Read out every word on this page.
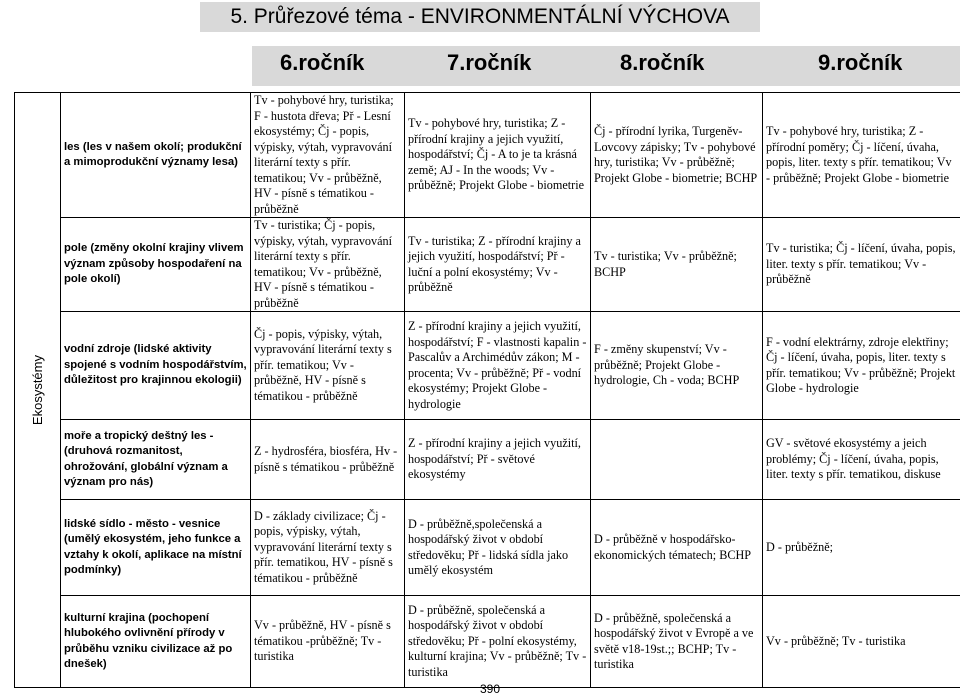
5. Průřezové téma - ENVIRONMENTÁLNÍ VÝCHOVA
6.ročník	7.ročník	8.ročník	9.ročník
Ekosystémy	les (les v našem okolí; produkční a mimoprodukční významy lesa)	Tv - pohybové hry, turistika; F - hustota dřeva; Př - Lesní ekosystémy; Čj - popis, výpisky, výtah, vypravování literární texty s přír. tematikou; Vv - průběžně, HV - písně s tématikou - průběžně	Tv - pohybové hry, turistika; Z - přírodní krajiny a jejich využití, hospodářství; Čj - A to je ta krásná země; AJ - In the woods; Vv - průběžně; Projekt Globe - biometrie	Čj - přírodní lyrika, Turgeněv- Lovcovy zápisky; Tv - pohybové hry, turistika; Vv - průběžně; Projekt Globe - biometrie; BCHP	Tv - pohybové hry, turistika; Z - přírodní poměry; Čj - líčení, úvaha, popis, liter. texty s přír. tematikou; Vv - průběžně; Projekt Globe - biometrie
	pole (změny okolní krajiny vlivem význam způsoby hospodaření na pole okolí)	Tv - turistika; Čj - popis, výpisky, výtah, vypravování literární texty s přír. tematikou; Vv - průběžně, HV - písně s tématikou - průběžně	Tv - turistika; Z - přírodní krajiny a jejich využití, hospodářství; Př - luční a polní ekosystémy; Vv - průběžně	Tv - turistika; Vv - průběžně; BCHP	Tv - turistika; Čj - líčení, úvaha, popis, liter. texty s přír. tematikou; Vv - průběžně
	vodní zdroje (lidské aktivity spojené s vodním hospodářstvím, důležitost pro krajinnou ekologii)	Čj - popis, výpisky, výtah, vypravování literární texty s přír. tematikou; Vv - průběžně, HV - písně s tématikou - průběžně	Z - přírodní krajiny a jejich využití, hospodářství; F - vlastnosti kapalin - Pascalův a Archimédův zákon; M - procenta; Vv - průběžně; Př - vodní ekosystémy; Projekt Globe - hydrologie	F - změny skupenství; Vv - průběžně; Projekt Globe - hydrologie, Ch - voda; BCHP	F - vodní elektrárny, zdroje elektřiny; Čj - líčení, úvaha, popis, liter. texty s přír. tematikou; Vv - průběžně; Projekt Globe - hydrologie
	moře a tropický deštný les - (druhová rozmanitost, ohrožování, globální význam a význam pro nás)	Z - hydrosféra, biosféra, Hv - písně s tématikou - průběžně	Z - přírodní krajiny a jejich využití, hospodářství; Př - světové ekosystémy		GV - světové ekosystémy a jeich problémy; Čj - líčení, úvaha, popis, liter. texty s přír. tematikou, diskuse
	lidské sídlo - město - vesnice (umělý ekosystém, jeho funkce a vztahy k okolí, aplikace na místní podmínky)	D - základy civilizace; Čj - popis, výpisky, výtah, vypravování literární texty s přír. tematikou, HV - písně s tématikou - průběžně	D - průběžně,společenská a hospodářský život v období středověku; Př - lidská sídla jako umělý ekosystém	D - průběžně v hospodářsko-ekonomických tématech; BCHP	D - průběžně;
	kulturní krajina (pochopení hlubokého ovlivnění přírody v průběhu vzniku civilizace až po dnešek)	Vv - průběžně, HV - písně s tématikou -průběžně; Tv - turistika	D - průběžně, společenská a hospodářský život v období středověku; Př - polní ekosystémy, kulturní krajina; Vv - průběžně; Tv - turistika	D - průběžně, společenská a hospodářský život v Evropě a ve světě v18-19st.;; BCHP; Tv - turistika	Vv - průběžně; Tv - turistika
390
